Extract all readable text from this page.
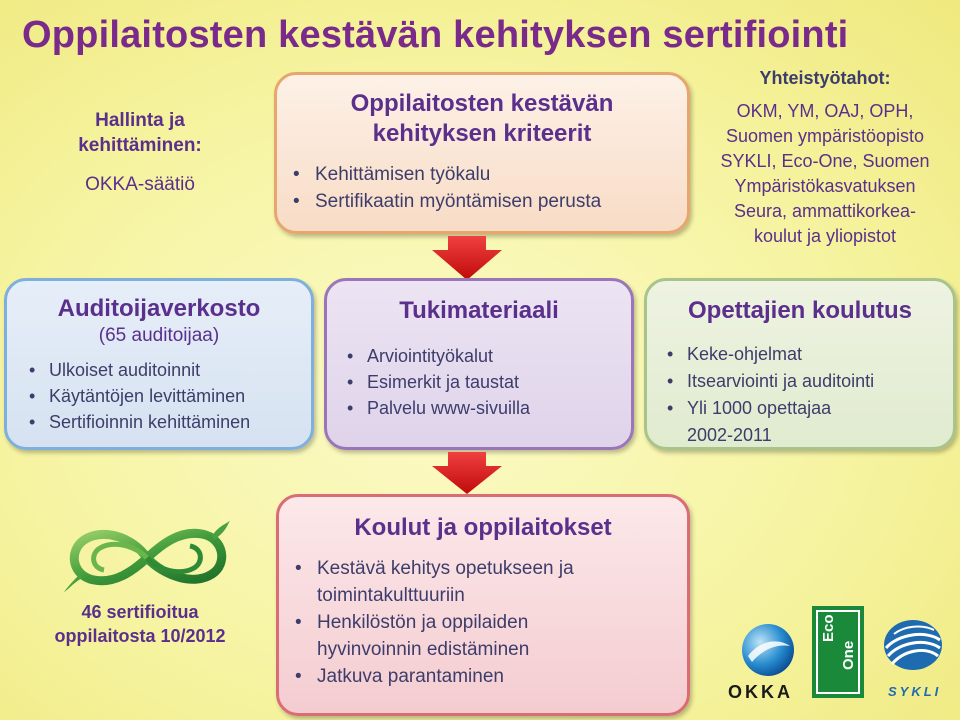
Oppilaitosten kestävän kehityksen sertifiointi
Hallinta ja
kehittäminen:
OKKA-säätiö
Oppilaitosten kestävän
kehityksen kriteerit
• Kehittämisen työkalu
• Sertifikaatin myöntämisen perusta
Yhteistyötahot:
OKM, YM, OAJ, OPH,
Suomen ympäristöopisto
SYKLI, Eco-One, Suomen
Ympäristökasvatuksen
Seura, ammattikorkea-
koulut ja yliopistot
Auditoijaverkosto
(65 auditoijaa)
• Ulkoiset auditoinnit
• Käytäntöjen levittäminen
• Sertifioinnin kehittäminen
Tukimateriaali
• Arviointityökalut
• Esimerkit ja taustat
• Palvelu www-sivuilla
Opettajien koulutus
• Keke-ohjelmat
• Itsearviointi ja auditointi
• Yli 1000 opettajaa
2002-2011
Koulut ja oppilaitokset
• Kestävä kehitys opetukseen ja
toimintakulttuuriin
• Henkilöstön ja oppilaiden
hyvinvoinnin edistäminen
• Jatkuva parantaminen
46 sertifioitua
oppilaitosta 10/2012
OKKA
Eco
One
SYKLI
